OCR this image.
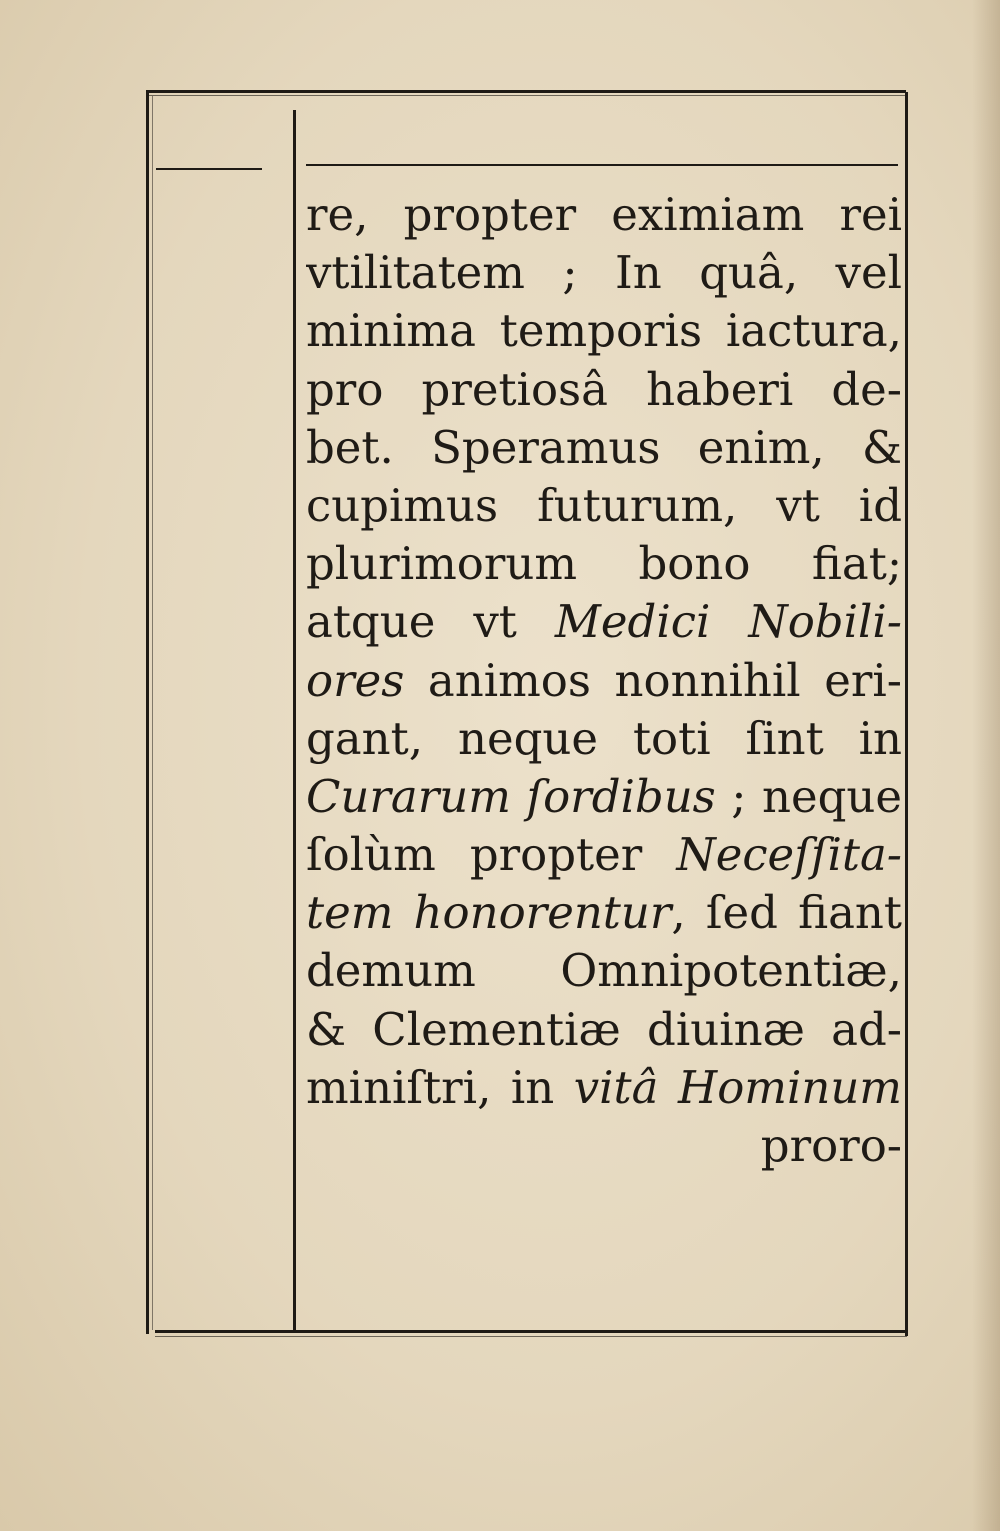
re, propter eximiam rei
vtilitatem ; In quâ, vel
minima temporis iactura,
pro pretiosâ haberi de-
bet. Speramus enim, &
cupimus futurum, vt id
plurimorum bono fiat;
atque vt Medici Nobili-
ores animos nonnihil eri-
gant, neque toti ſint in
Curarum ſordibus ; neque
ſolùm propter Neceſſita-
tem honorentur, ſed fiant
demum Omnipotentiæ,
& Clementiæ diuinæ ad-
miniſtri, in vitâ Hominum
proro-
